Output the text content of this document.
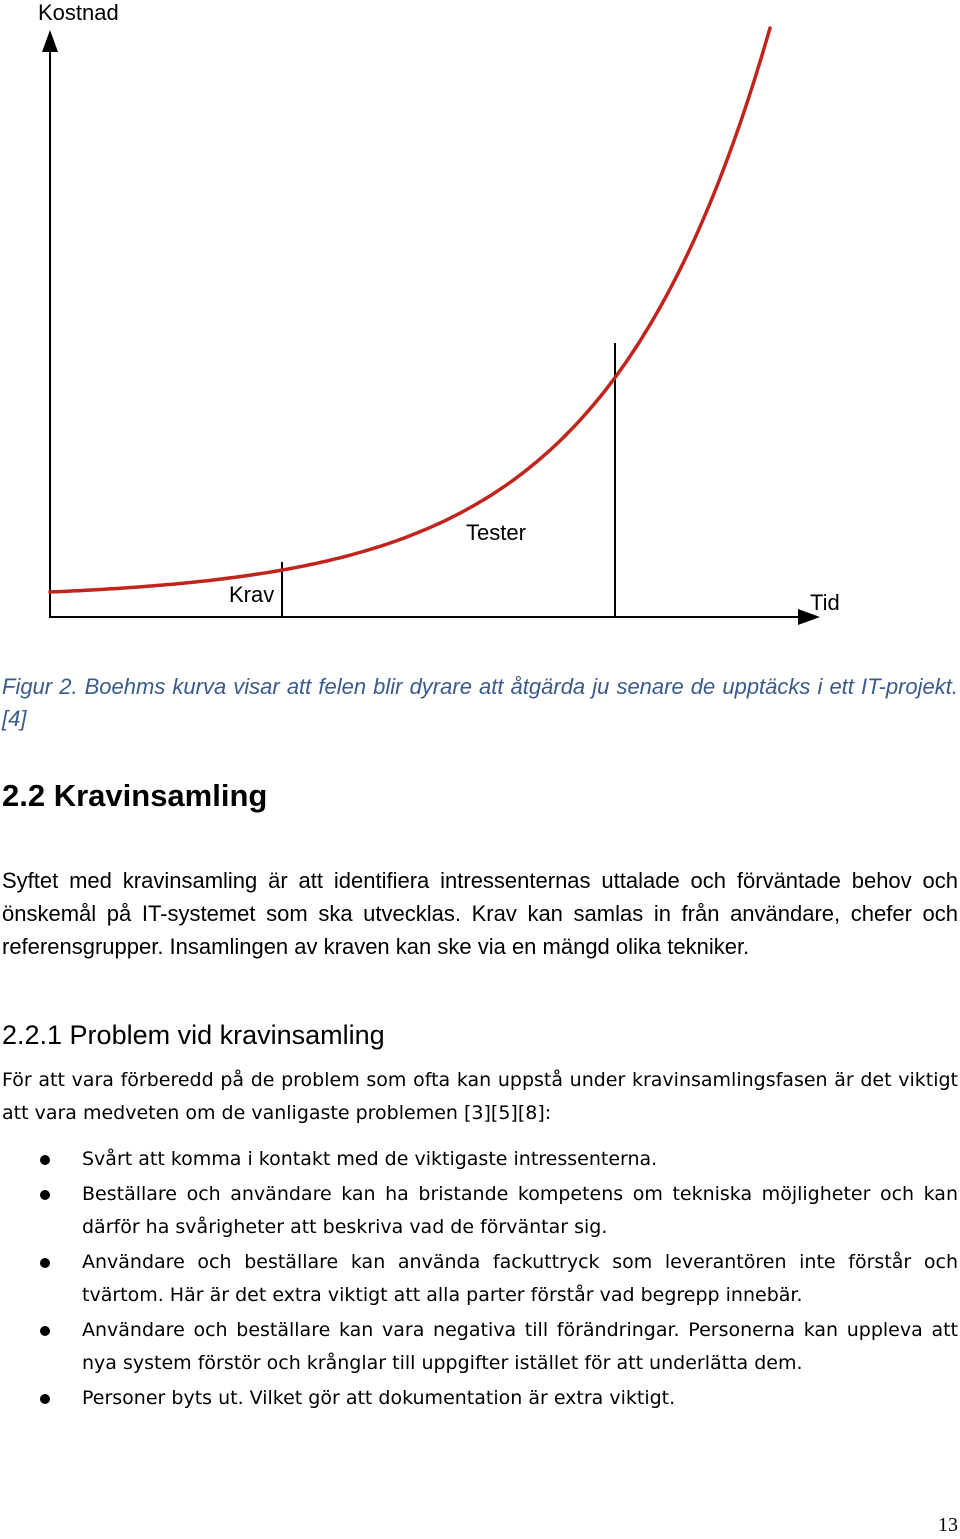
Kostnad
Tid
Krav
Tester
Figur 2. Boehms kurva visar att felen blir dyrare att åtgärda ju senare de upptäcks i ett IT-projekt. [4]
2.2 Kravinsamling
Syftet med kravinsamling är att identifiera intressenternas uttalade och förväntade behov och önskemål på IT-systemet som ska utvecklas. Krav kan samlas in från användare, chefer och referensgrupper. Insamlingen av kraven kan ske via en mängd olika tekniker.
2.2.1 Problem vid kravinsamling
För att vara förberedd på de problem som ofta kan uppstå under kravinsamlingsfasen är det viktigt att vara medveten om de vanligaste problemen [3][5][8]:
Svårt att komma i kontakt med de viktigaste intressenterna.
Beställare och användare kan ha bristande kompetens om tekniska möjligheter och kan därför ha svårigheter att beskriva vad de förväntar sig.
Användare och beställare kan använda fackuttryck som leverantören inte förstår och tvärtom. Här är det extra viktigt att alla parter förstår vad begrepp innebär.
Användare och beställare kan vara negativa till förändringar. Personerna kan uppleva att nya system förstör och krånglar till uppgifter istället för att underlätta dem.
Personer byts ut. Vilket gör att dokumentation är extra viktigt.
13
